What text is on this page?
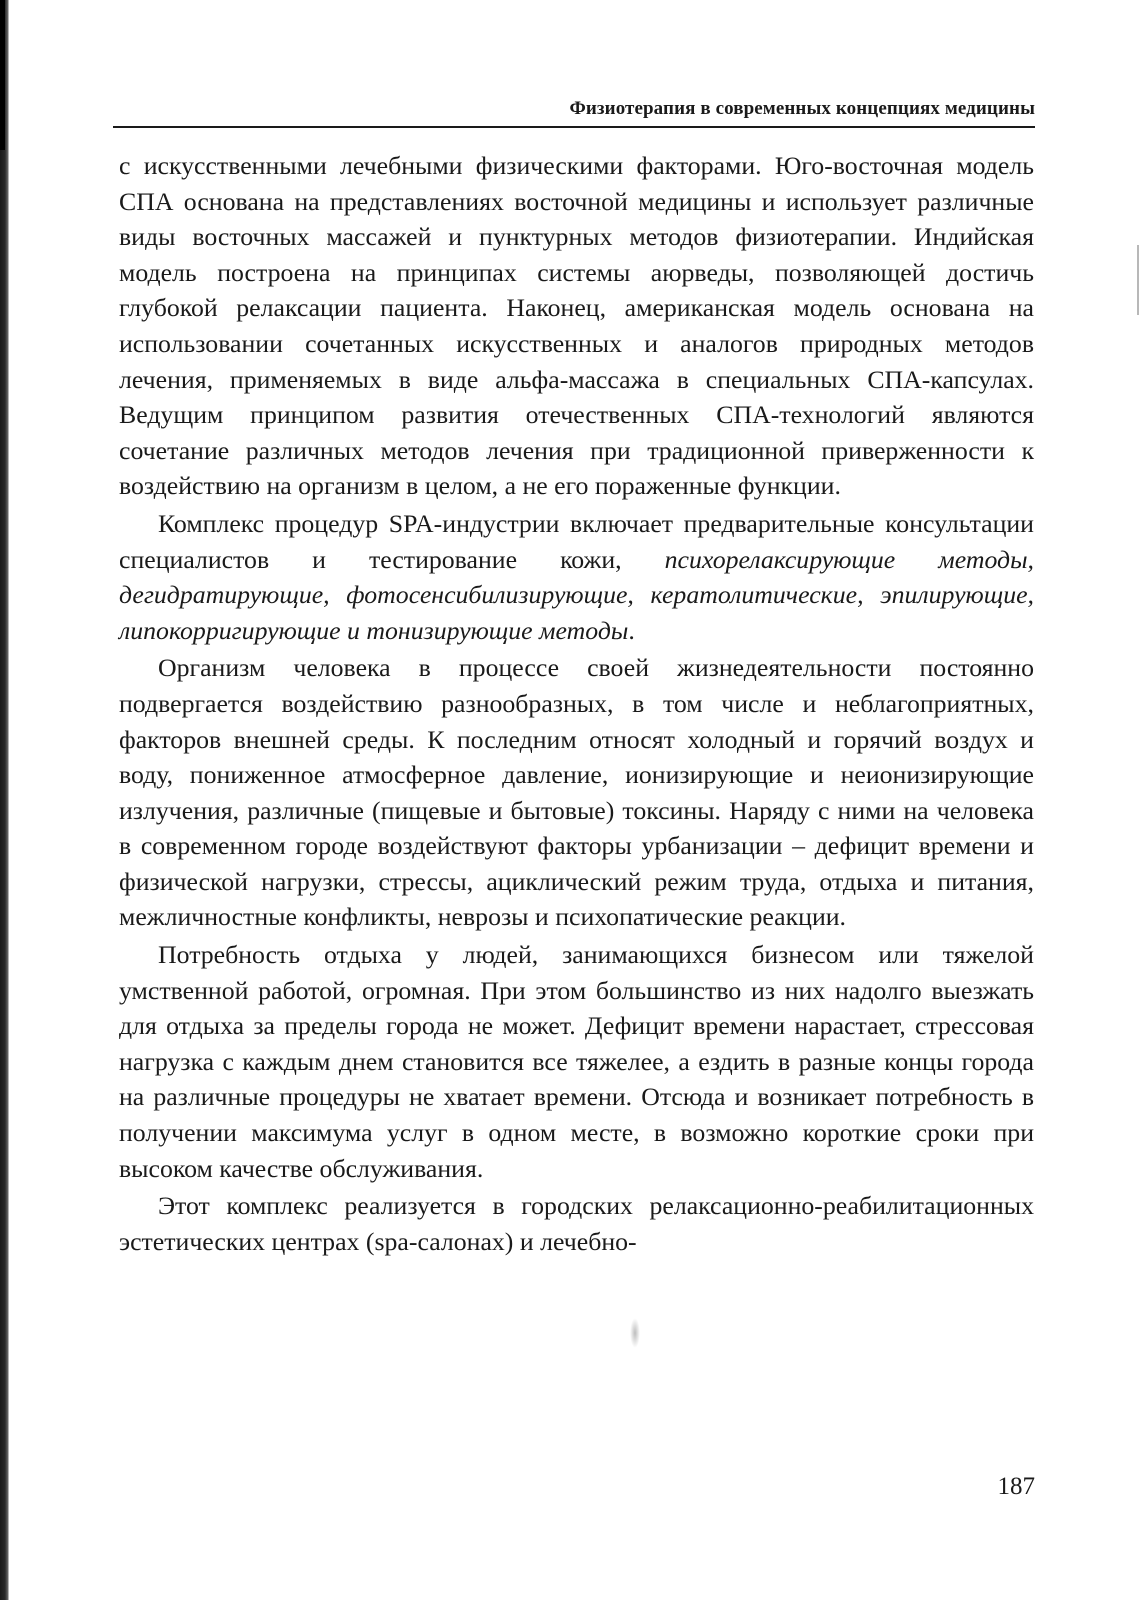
Физиотерапия в современных концепциях медицины

с искусственными лечебными физическими факторами. Юго-восточная модель СПА основана на представлениях восточной медицины и использует различные виды восточных массажей и пунктурных методов физиотерапии. Индийская модель построена на принципах системы аюрведы, позволяющей достичь глубокой релаксации пациента. Наконец, американская модель основана на использовании сочетанных искусственных и аналогов природных методов лечения, применяемых в виде альфа-массажа в специальных СПА-капсулах. Ведущим принципом развития отечественных СПА-технологий являются сочетание различных методов лечения при традиционной приверженности к воздействию на организм в целом, а не его пораженные функции.

Комплекс процедур SPA-индустрии включает предварительные консультации специалистов и тестирование кожи, психорелаксирующие методы, дегидратирующие, фотосенсибилизирующие, кератолитические, эпилирующие, липокорригирующие и тонизирующие методы.

Организм человека в процессе своей жизнедеятельности постоянно подвергается воздействию разнообразных, в том числе и неблагоприятных, факторов внешней среды. К последним относят холодный и горячий воздух и воду, пониженное атмосферное давление, ионизирующие и неионизирующие излучения, различные (пищевые и бытовые) токсины. Наряду с ними на человека в современном городе воздействуют факторы урбанизации – дефицит времени и физической нагрузки, стрессы, ациклический режим труда, отдыха и питания, межличностные конфликты, неврозы и психопатические реакции.

Потребность отдыха у людей, занимающихся бизнесом или тяжелой умственной работой, огромная. При этом большинство из них надолго выезжать для отдыха за пределы города не может. Дефицит времени нарастает, стрессовая нагрузка с каждым днем становится все тяжелее, а ездить в разные концы города на различные процедуры не хватает времени. Отсюда и возникает потребность в получении максимума услуг в одном месте, в возможно короткие сроки при высоком качестве обслуживания.

Этот комплекс реализуется в городских релаксационно-реабилитационных эстетических центрах (spa-салонах) и лечебно-

187
